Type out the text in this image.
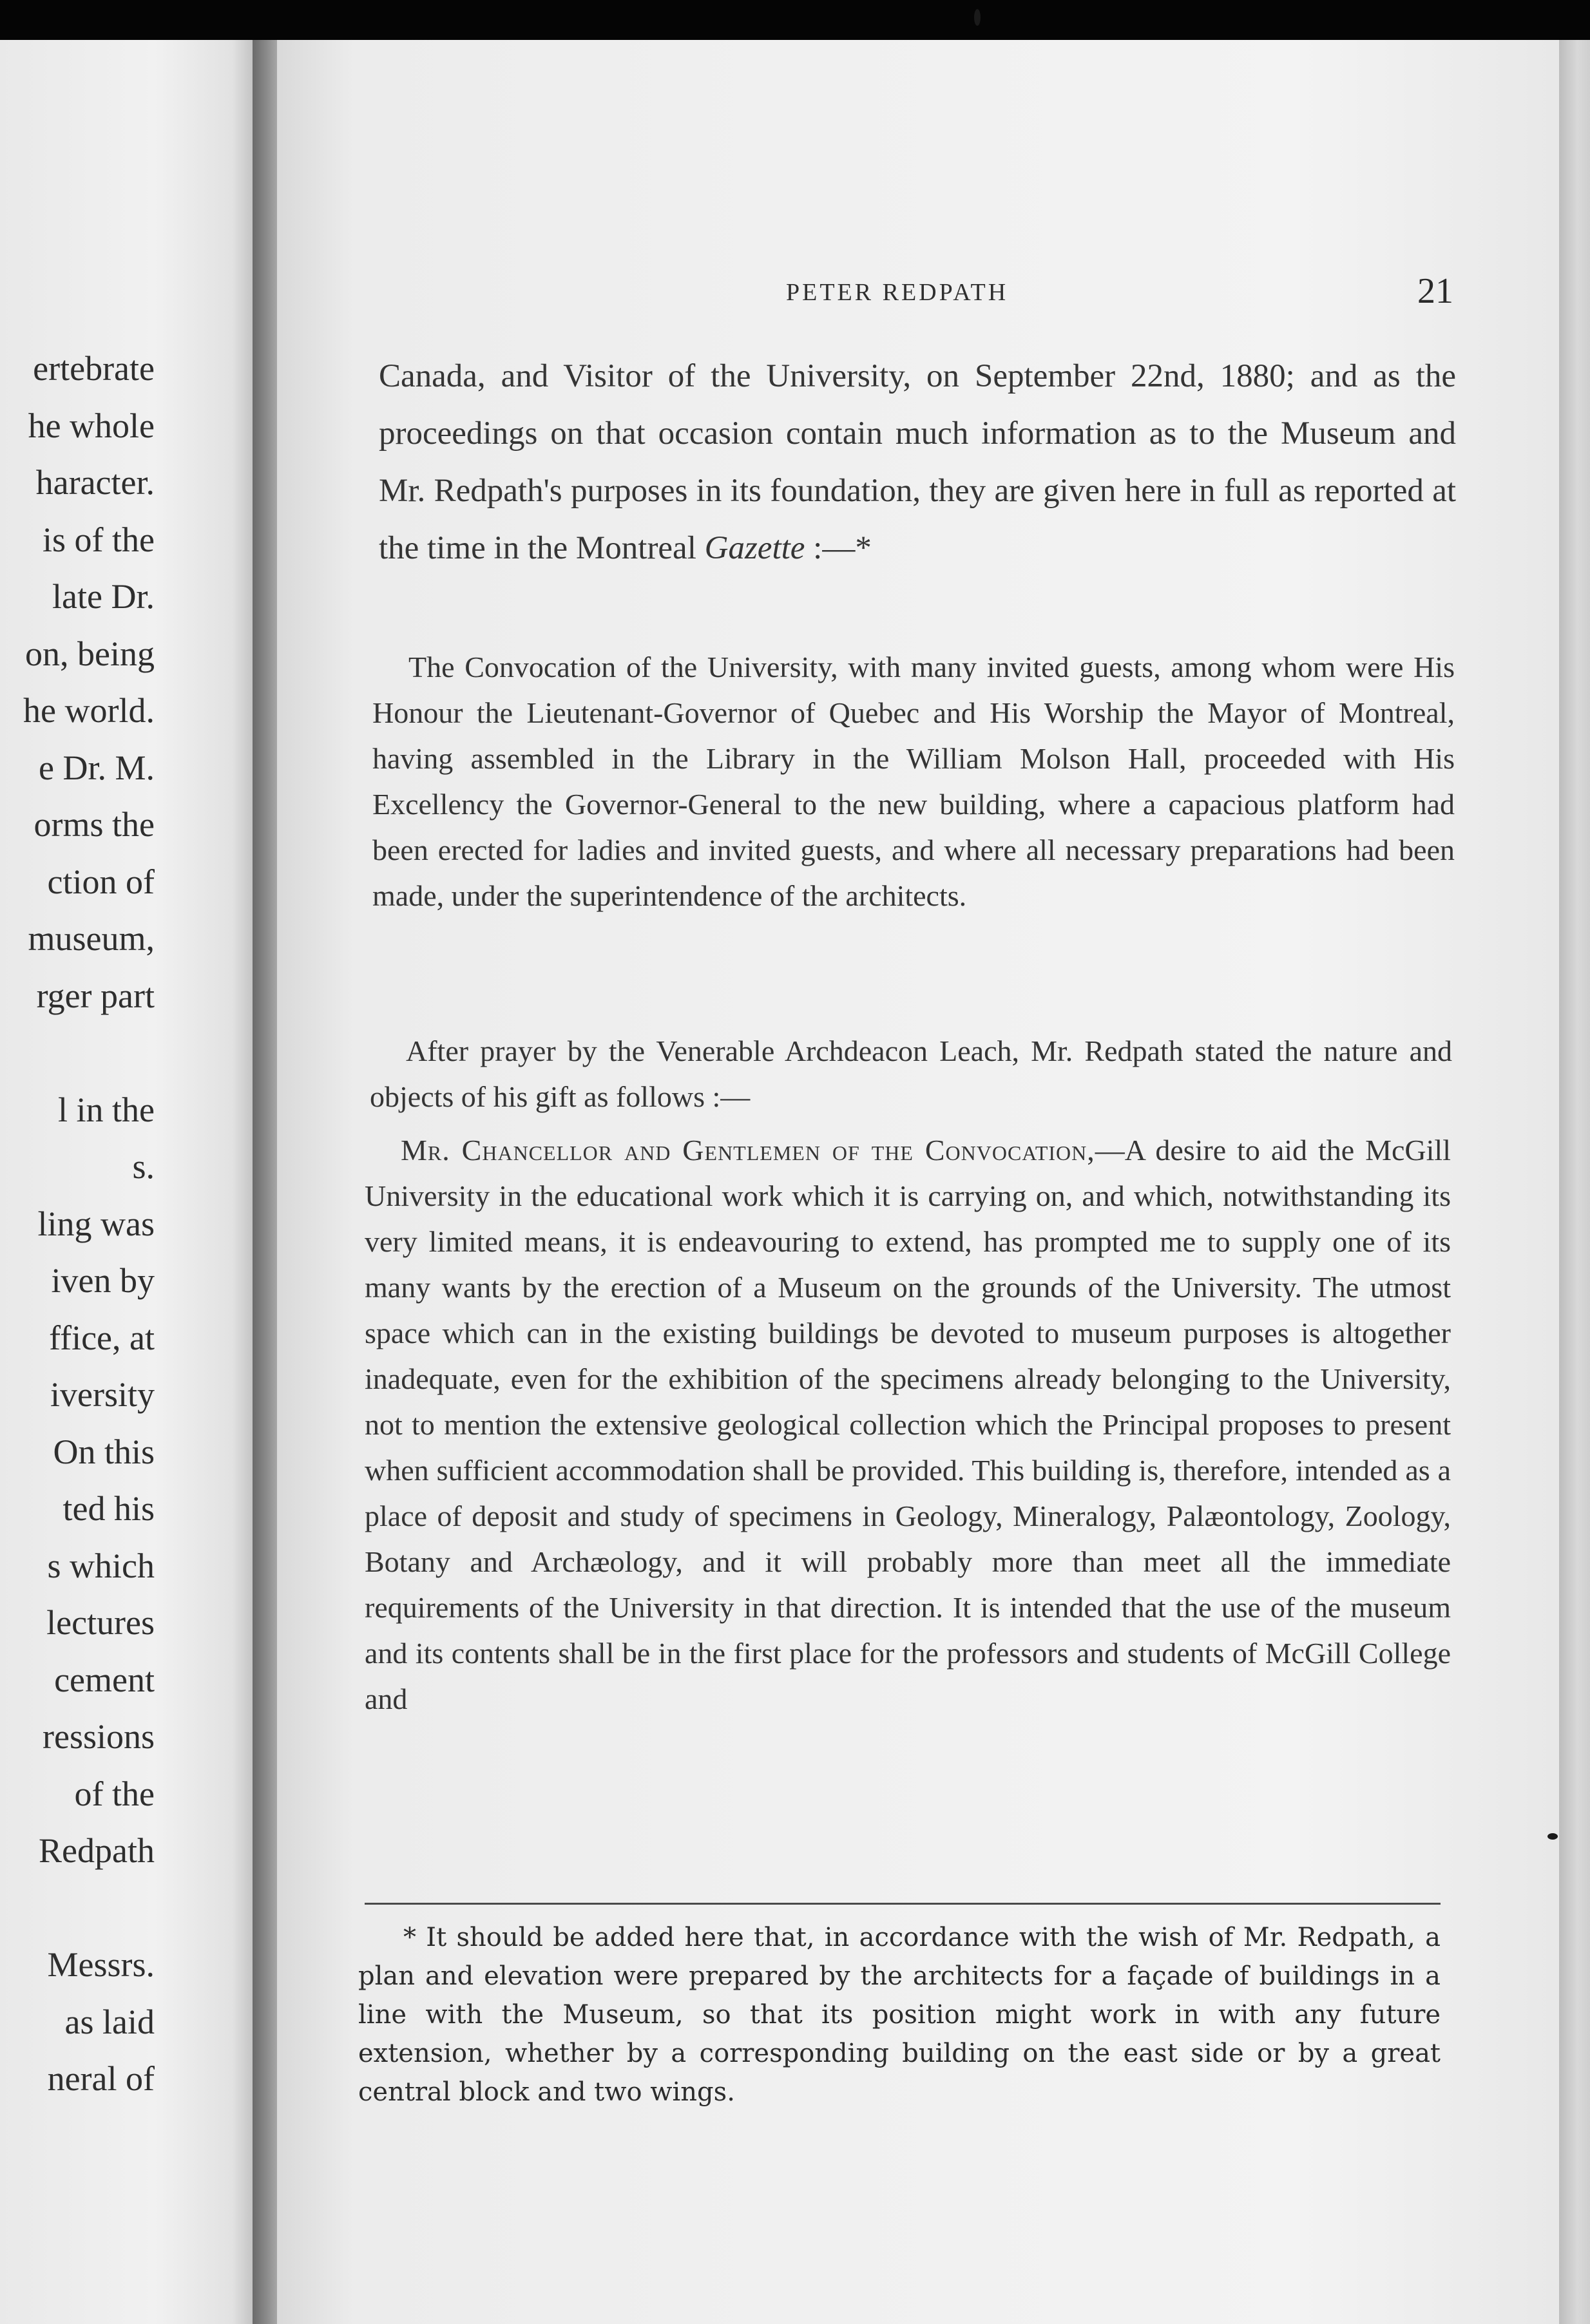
ertebrate
he whole
haracter.
is of the
late Dr.
on, being
he world.
e Dr. M.
orms the
ction of
museum,
rger part
l in the
s.
ling was
iven by
ffice, at
iversity
On this
ted his
s which
lectures
cement
ressions
of the
Redpath
Messrs.
as laid
neral of
PETER REDPATH	21
Canada, and Visitor of the University, on September 22nd, 1880; and as the proceedings on that occasion contain much information as to the Museum and Mr. Redpath's purposes in its foundation, they are given here in full as reported at the time in the Montreal Gazette :—*

The Convocation of the University, with many invited guests, among whom were His Honour the Lieutenant-Governor of Quebec and His Worship the Mayor of Montreal, having assembled in the Library in the William Molson Hall, proceeded with His Excellency the Governor-General to the new building, where a capacious platform had been erected for ladies and invited guests, and where all necessary preparations had been made, under the superintendence of the architects.

After prayer by the Venerable Archdeacon Leach, Mr. Redpath stated the nature and objects of his gift as follows :—

Mr. Chancellor and Gentlemen of the Convocation,—A desire to aid the McGill University in the educational work which it is carrying on, and which, notwithstanding its very limited means, it is endeavouring to extend, has prompted me to supply one of its many wants by the erection of a Museum on the grounds of the University. The utmost space which can in the existing buildings be devoted to museum purposes is altogether inadequate, even for the exhibition of the specimens already belonging to the University, not to mention the extensive geological collection which the Principal proposes to present when sufficient accommodation shall be provided. This building is, therefore, intended as a place of deposit and study of specimens in Geology, Mineralogy, Palæontology, Zoology, Botany and Archæology, and it will probably more than meet all the immediate requirements of the University in that direction. It is intended that the use of the museum and its contents shall be in the first place for the professors and students of McGill College and

* It should be added here that, in accordance with the wish of Mr. Redpath, a plan and elevation were prepared by the architects for a façade of buildings in a line with the Museum, so that its position might work in with any future extension, whether by a corresponding building on the east side or by a great central block and two wings.
